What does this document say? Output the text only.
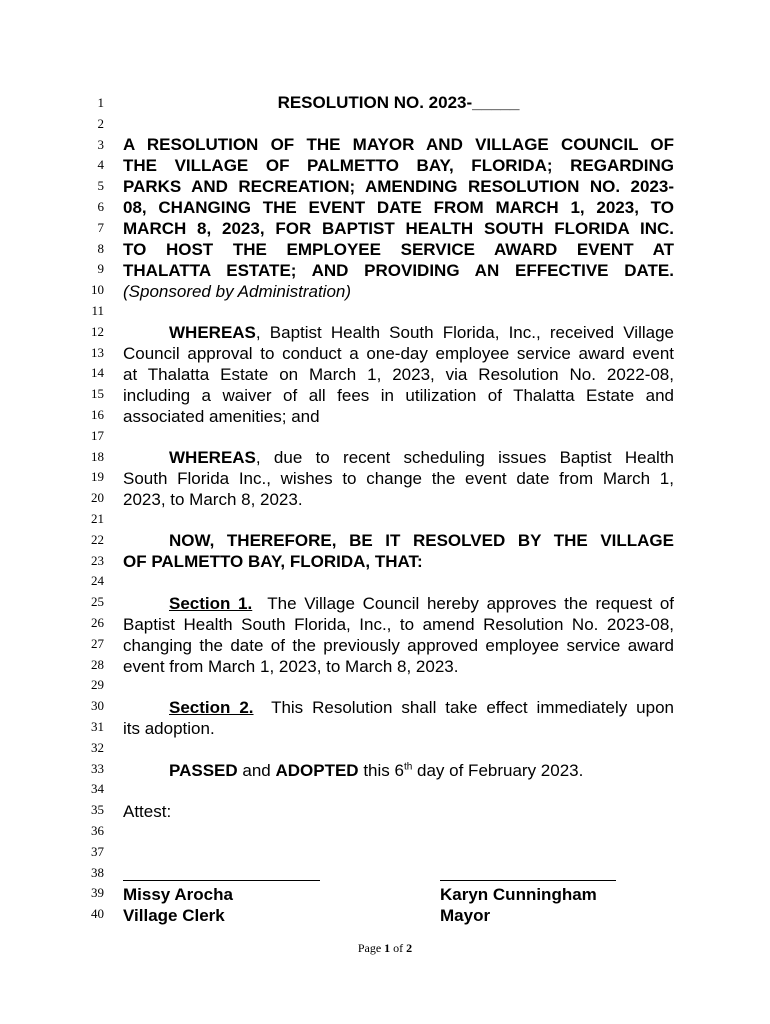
1
2
3
4
5
6
7
8
9
10
11
12
13
14
15
16
17
18
19
20
21
22
23
24
25
26
27
28
29
30
31
32
33
34
35
36
37
38
39
40
RESOLUTION NO. 2023-_____
A RESOLUTION OF THE MAYOR AND VILLAGE COUNCIL OF
THE VILLAGE OF PALMETTO BAY, FLORIDA; REGARDING
PARKS AND RECREATION; AMENDING RESOLUTION NO. 2023-
08, CHANGING THE EVENT DATE FROM MARCH 1, 2023, TO
MARCH 8, 2023, FOR BAPTIST HEALTH SOUTH FLORIDA INC.
TO HOST THE EMPLOYEE SERVICE AWARD EVENT AT
THALATTA ESTATE; AND PROVIDING AN EFFECTIVE DATE.
(Sponsored by Administration)
WHEREAS, Baptist Health South Florida, Inc., received Village
Council approval to conduct a one-day employee service award event
at Thalatta Estate on March 1, 2023, via Resolution No. 2022-08,
including a waiver of all fees in utilization of Thalatta Estate and
associated amenities; and
WHEREAS, due to recent scheduling issues Baptist Health
South Florida Inc., wishes to change the event date from March 1,
2023, to March 8, 2023.
NOW, THEREFORE, BE IT RESOLVED BY THE VILLAGE
OF PALMETTO BAY, FLORIDA, THAT:
Section 1.  The Village Council hereby approves the request of
Baptist Health South Florida, Inc., to amend Resolution No. 2023-08,
changing the date of the previously approved employee service award
event from March 1, 2023, to March 8, 2023.
Section 2.  This Resolution shall take effect immediately upon
its adoption.
PASSED and ADOPTED this 6th day of February 2023.
Attest:
Missy Arocha
Village Clerk
Karyn Cunningham
Mayor
Page 1 of 2
